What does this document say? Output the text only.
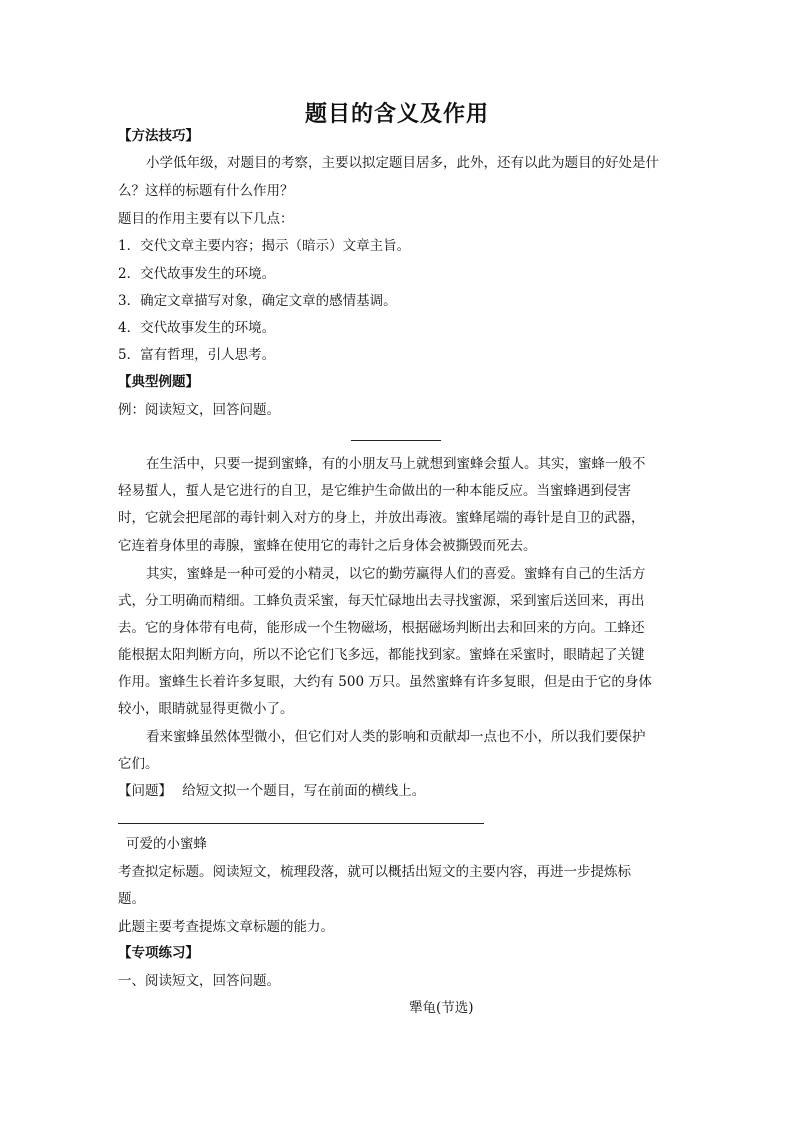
题目的含义及作用
【方法技巧】
小学低年级，对题目的考察，主要以拟定题目居多，此外，还有以此为题目的好处是什
么？这样的标题有什么作用？
题目的作用主要有以下几点：
1．交代文章主要内容；揭示（暗示）文章主旨。
2．交代故事发生的环境。
3．确定文章描写对象，确定文章的感情基调。
4．交代故事发生的环境。
5．富有哲理，引人思考。
【典型例题】
例：阅读短文，回答问题。
在生活中，只要一提到蜜蜂，有的小朋友马上就想到蜜蜂会蜇人。其实，蜜蜂一般不
轻易蜇人，蜇人是它进行的自卫，是它维护生命做出的一种本能反应。当蜜蜂遇到侵害
时，它就会把尾部的毒针刺入对方的身上，并放出毒液。蜜蜂尾端的毒针是自卫的武器，
它连着身体里的毒腺，蜜蜂在使用它的毒针之后身体会被撕毁而死去。
其实，蜜蜂是一种可爱的小精灵，以它的勤劳赢得人们的喜爱。蜜蜂有自己的生活方
式，分工明确而精细。工蜂负责采蜜，每天忙碌地出去寻找蜜源，采到蜜后送回来，再出
去。它的身体带有电荷，能形成一个生物磁场，根据磁场判断出去和回来的方向。工蜂还
能根据太阳判断方向，所以不论它们飞多远，都能找到家。蜜蜂在采蜜时，眼睛起了关键
作用。蜜蜂生长着许多复眼，大约有 500 万只。虽然蜜蜂有许多复眼，但是由于它的身体
较小，眼睛就显得更微小了。
看来蜜蜂虽然体型微小，但它们对人类的影响和贡献却一点也不小，所以我们要保护
它们。
【问题】 给短文拟一个题目，写在前面的横线上。
可爱的小蜜蜂
考查拟定标题。阅读短文，梳理段落，就可以概括出短文的主要内容，再进一步提炼标
题。
此题主要考查提炼文章标题的能力。
【专项练习】
一、阅读短文，回答问题。
犟龟(节选)
